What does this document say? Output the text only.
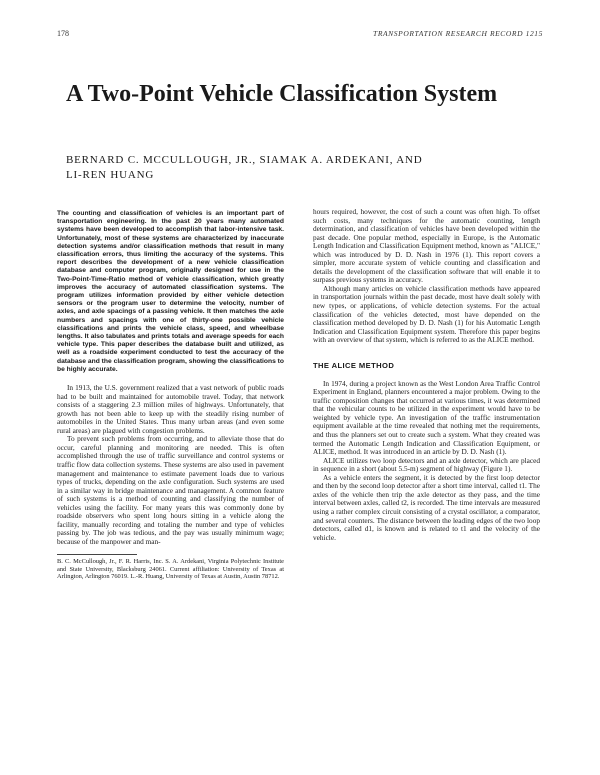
178	TRANSPORTATION RESEARCH RECORD 1215
A Two-Point Vehicle Classification System
BERNARD C. MCCULLOUGH, JR., SIAMAK A. ARDEKANI, AND
LI-REN HUANG

The counting and classification of vehicles is an important part of transportation engineering. In the past 20 years many automated systems have been developed to accomplish that labor-intensive task. Unfortunately, most of these systems are characterized by inaccurate detection systems and/or classification methods that result in many classification errors, thus limiting the accuracy of the systems. This report describes the development of a new vehicle classification database and computer program, originally designed for use in the Two-Point-Time-Ratio method of vehicle classification, which greatly improves the accuracy of automated classification systems. The program utilizes information provided by either vehicle detection sensors or the program user to determine the velocity, number of axles, and axle spacings of a passing vehicle. It then matches the axle numbers and spacings with one of thirty-one possible vehicle classifications and prints the vehicle class, speed, and wheelbase lengths. It also tabulates and prints totals and average speeds for each vehicle type. This paper describes the database built and utilized, as well as a roadside experiment conducted to test the accuracy of the database and the classification program, showing the classifications to be highly accurate.

In 1913, the U.S. government realized that a vast network of public roads had to be built and maintained for automobile travel. Today, that network consists of a staggering 2.3 million miles of highways. Unfortunately, that growth has not been able to keep up with the steadily rising number of automobiles in the United States. Thus many urban areas (and even some rural areas) are plagued with congestion problems.

To prevent such problems from occurring, and to alleviate those that do occur, careful planning and monitoring are needed. This is often accomplished through the use of traffic surveillance and control systems or traffic flow data collection systems. These systems are also used in pavement management and maintenance to estimate pavement loads due to various types of trucks, depending on the axle configuration. Such systems are used in a similar way in bridge maintenance and management. A common feature of such systems is a method of counting and classifying the number of vehicles using the facility. For many years this was commonly done by roadside observers who spent long hours sitting in a vehicle along the facility, manually recording and totaling the number and type of vehicles passing by. The job was tedious, and the pay was usually minimum wage; because of the manpower and man-

B. C. McCullough, Jr., F. R. Harris, Inc. S. A. Ardekani, Virginia Polytechnic Institute and State University, Blacksburg 24061. Current affiliation: University of Texas at Arlington, Arlington 76019. L.-R. Huang, University of Texas at Austin, Austin 78712.

hours required, however, the cost of such a count was often high. To offset such costs, many techniques for the automatic counting, length determination, and classification of vehicles have been developed within the past decade. One popular method, especially in Europe, is the Automatic Length Indication and Classification Equipment method, known as "ALICE," which was introduced by D. D. Nash in 1976 (1). This report covers a simpler, more accurate system of vehicle counting and classification and details the development of the classification software that will enable it to surpass previous systems in accuracy.

Although many articles on vehicle classification methods have appeared in transportation journals within the past decade, most have dealt solely with new types, or applications, of vehicle detection systems. For the actual classification of the vehicles detected, most have depended on the classification method developed by D. D. Nash (1) for his Automatic Length Indication and Classification Equipment system. Therefore this paper begins with an overview of that system, which is referred to as the ALICE method.

THE ALICE METHOD

In 1974, during a project known as the West London Area Traffic Control Experiment in England, planners encountered a major problem. Owing to the traffic composition changes that occurred at various times, it was determined that the vehicular counts to be utilized in the experiment would have to be weighted by vehicle type. An investigation of the traffic instrumentation equipment available at the time revealed that nothing met the requirements, and thus the planners set out to create such a system. What they created was termed the Automatic Length Indication and Classification Equipment, or ALICE, method. It was introduced in an article by D. D. Nash (1).

ALICE utilizes two loop detectors and an axle detector, which are placed in sequence in a short (about 5.5-m) segment of highway (Figure 1).

As a vehicle enters the segment, it is detected by the first loop detector and then by the second loop detector after a short time interval, called t1. The axles of the vehicle then trip the axle detector as they pass, and the time interval between axles, called t2, is recorded. The time intervals are measured using a rather complex circuit consisting of a crystal oscillator, a comparator, and several counters. The distance between the leading edges of the two loop detectors, called d1, is known and is related to t1 and the velocity of the vehicle.
